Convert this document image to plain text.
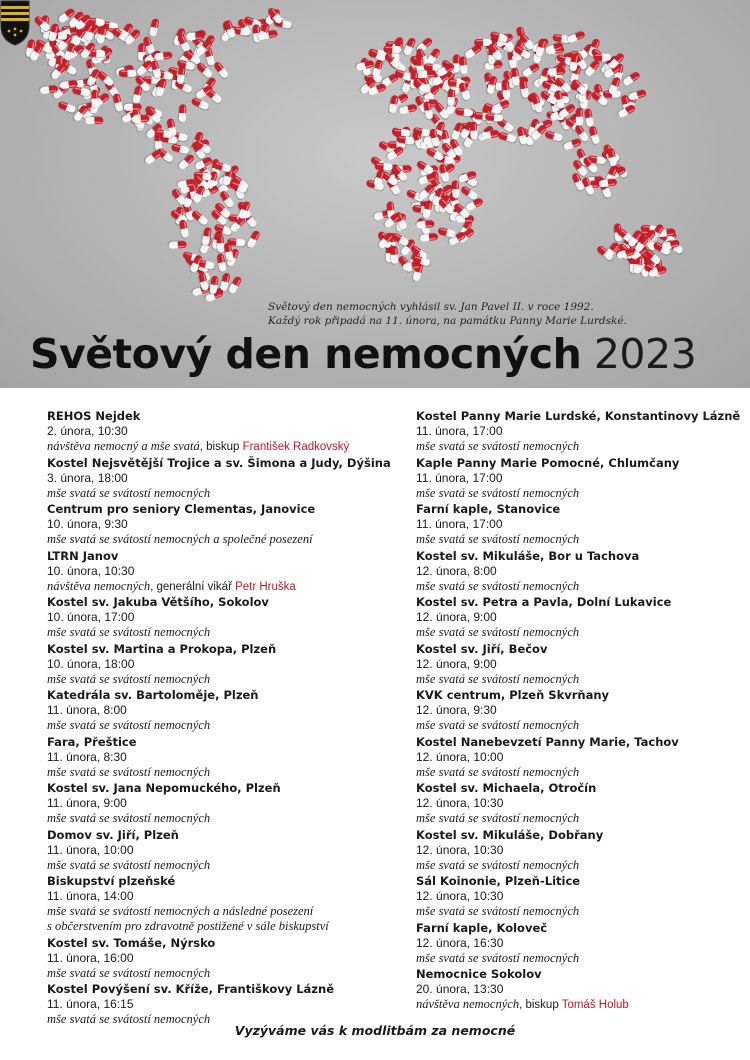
Světový den nemocných vyhlásil sv. Jan Pavel II. v roce 1992.
Každý rok připadá na 11. února, na památku Panny Marie Lurdské.
Světový den nemocných 2023
REHOS Nejdek
2. února, 10:30
návštěva nemocný a mše svatá, biskup František Radkovský
Kostel Nejsvětější Trojice a sv. Šimona a Judy, Dýšina
3. února, 18:00
mše svatá se svátostí nemocných
Centrum pro seniory Clementas, Janovice
10. února, 9:30
mše svatá se svátostí nemocných a společné posezení
LTRN Janov
10. února, 10:30
návštěva nemocných, generální vikář Petr Hruška
Kostel sv. Jakuba Většího, Sokolov
10. února, 17:00
mše svatá se svátostí nemocných
Kostel sv. Martina a Prokopa, Plzeň
10. února, 18:00
mše svatá se svátostí nemocných
Katedrála sv. Bartoloměje, Plzeň
11. února, 8:00
mše svatá se svátostí nemocných
Fara, Přeštice
11. února, 8:30
mše svatá se svátostí nemocných
Kostel sv. Jana Nepomuckého, Plzeň
11. února, 9:00
mše svatá se svátostí nemocných
Domov sv. Jiří, Plzeň
11. února, 10:00
mše svatá se svátostí nemocných
Biskupství plzeňské
11. února, 14:00
mše svatá se svátostí nemocných a následné posezení
s občerstvením pro zdravotně postižené v sále biskupství
Kostel sv. Tomáše, Nýrsko
11. února, 16:00
mše svatá se svátostí nemocných
Kostel Povýšení sv. Kříže, Františkovy Lázně
11. února, 16:15
mše svatá se svátostí nemocných
Kostel Panny Marie Lurdské, Konstantinovy Lázně
11. února, 17:00
mše svatá se svátostí nemocných
Kaple Panny Marie Pomocné, Chlumčany
11. února, 17:00
mše svatá se svátostí nemocných
Farní kaple, Stanovice
11. února, 17:00
mše svatá se svátostí nemocných
Kostel sv. Mikuláše, Bor u Tachova
12. února, 8:00
mše svatá se svátostí nemocných
Kostel sv. Petra a Pavla, Dolní Lukavice
12. února, 9:00
mše svatá se svátostí nemocných
Kostel sv. Jiří, Bečov
12. února, 9:00
mše svatá se svátostí nemocných
KVK centrum, Plzeň Skvrňany
12. února, 9:30
mše svatá se svátostí nemocných
Kostel Nanebevzetí Panny Marie, Tachov
12. února, 10:00
mše svatá se svátostí nemocných
Kostel sv. Michaela, Otročín
12. února, 10:30
mše svatá se svátostí nemocných
Kostel sv. Mikuláše, Dobřany
12. února, 10:30
mše svatá se svátostí nemocných
Sál Koinonie, Plzeň-Litice
12. února, 10:30
mše svatá se svátostí nemocných
Farní kaple, Koloveč
12. února, 16:30
mše svatá se svátostí nemocných
Nemocnice Sokolov
20. února, 13:30
návštěva nemocných, biskup Tomáš Holub
Vyzýváme vás k modlitbám za nemocné
